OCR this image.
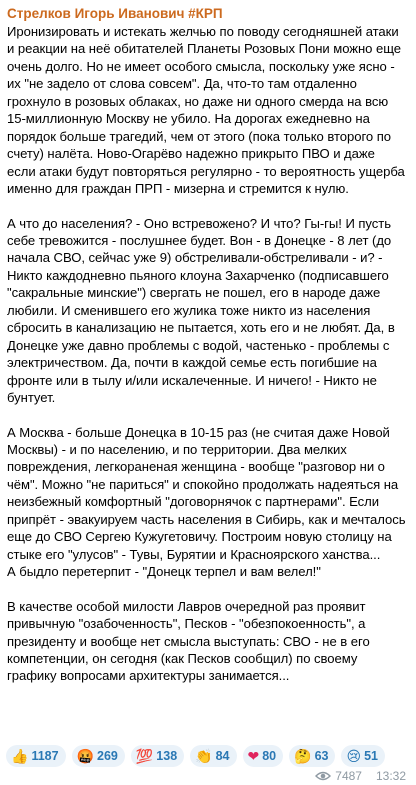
Стрелков Игорь Иванович #КРП

Иронизировать и истекать желчью по поводу сегодняшней атаки и реакции на неё обитателей Планеты Розовых Пони можно еще очень долго. Но не имеет особого смысла, поскольку уже ясно - их "не задело от слова совсем". Да, что-то там отдаленно грохнуло в розовых облаках, но даже ни одного смерда на всю 15-миллионную Москву не убило. На дорогах ежедневно на порядок больше трагедий, чем от этого (пока только второго по счету) налёта. Ново-Огарёво надежно прикрыто ПВО и даже если атаки будут повторяться регулярно - то вероятность ущерба именно для граждан ПРП - мизерна и стремится к нулю.

А что до населения? - Оно встревожено? И что? Гы-гы! И пусть себе тревожится - послушнее будет. Вон - в Донецке - 8 лет (до начала СВО, сейчас уже 9) обстреливали-обстреливали - и? - Никто каждодневно пьяного клоуна Захарченко (подписавшего "сакральные минские") свергать не пошел, его в народе даже любили. И сменившего его жулика тоже никто из населения сбросить в канализацию не пытается, хоть его и не любят. Да, в Донецке уже давно проблемы с водой, частенько - проблемы с электричеством. Да, почти в каждой семье есть погибшие на фронте или в тылу и/или искалеченные. И ничего! - Никто не бунтует.

А Москва - больше Донецка в 10-15 раз (не считая даже Новой Москвы) - и по населению, и по территории. Два мелких повреждения, легкораненая женщина - вообще "разговор ни о чём". Можно "не париться" и спокойно продолжать надеяться на неизбежный комфортный "договорнячок с партнерами". Если припрёт - эвакуируем часть населения в Сибирь, как и мечталось еще до СВО Сергею Кужугетовичу. Построим новую столицу на стыке его "улусов" - Тувы, Бурятии и Красноярского ханства...

А быдло перетерпит - "Донецк терпел и вам велел!"

В качестве особой милости Лавров очередной раз проявит привычную "озабоченность", Песков - "обезпокоенность", а президенту и вообще нет смысла выступать: СВО - не в его компетенции, он сегодня (как Песков сообщил) по своему графику вопросами архитектуры занимается...

👍 1187 🤬 269 💯 138 👏 84 ❤ 80 🤔 63 😢 51
7487 13:32
